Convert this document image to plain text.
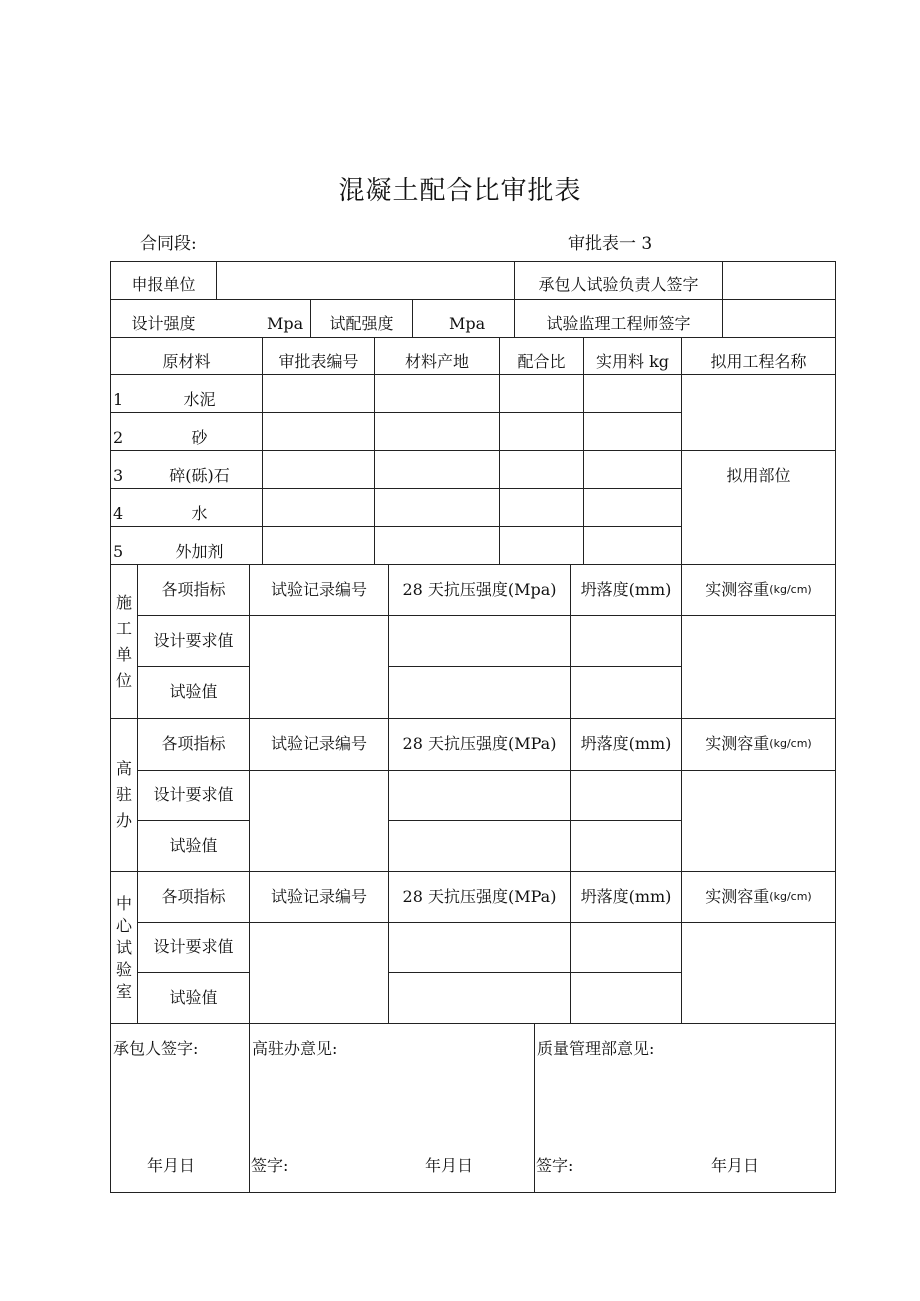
混凝土配合比审批表
合同段:	审批表一 3
申报单位	承包人试验负责人签字
设计强度	Mpa	试配强度	Mpa	试验监理工程师签字
原材料	审批表编号	材料产地	配合比	实用料 kg	拟用工程名称
1	水泥
2	砂
3	碎(砾)石
4	水
5	外加剂
拟用部位
施工单位
各项指标	试验记录编号	28 天抗压强度(Mpa)	坍落度(mm)	实测容重 (kg/cm)
设计要求值
试验值
高驻办
各项指标	试验记录编号	28 天抗压强度(MPa)	坍落度(mm)	实测容重 (kg/cm)
设计要求值
试验值
中心试验室
各项指标	试验记录编号	28 天抗压强度(MPa)	坍落度(mm)	实测容重 (kg/cm)
设计要求值
试验值
承包人签字:	高驻办意见:	质量管理部意见:
年月日	签字:	年月日	签字:	年月日
